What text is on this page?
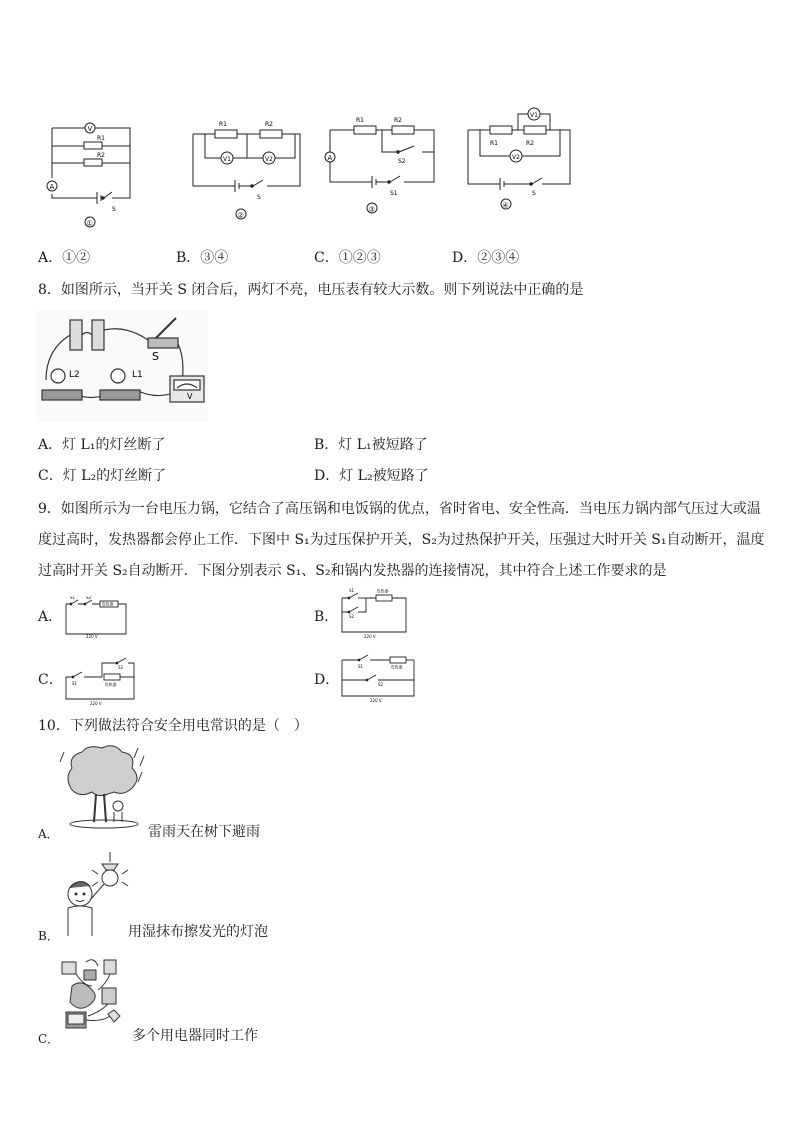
V
R1
R2
A
S
①
R1	R2
V1	V2
S
②
R1	R2
A	S2
S1
③
V1
R1	R2
V2
S
④
A．①②	B．③④	C．①②③	D．②③④
8．如图所示，当开关 S 闭合后，两灯不亮，电压表有较大示数。则下列说法中正确的是
S
L2	L1
V
A．灯 L₁的灯丝断了	B．灯 L₁被短路了
C．灯 L₂的灯丝断了	D．灯 L₂被短路了
9．如图所示为一台电压力锅，它结合了高压锅和电饭锅的优点，省时省电、安全性高．当电压力锅内部气压过大或温
度过高时，发热器都会停止工作．下图中 S₁为过压保护开关，S₂为过热保护开关，压强过大时开关 S₁自动断开，温度
过高时开关 S₂自动断开．下图分别表示 S₁、S₂和锅内发热器的连接情况，其中符合上述工作要求的是
A．
S1	S2
发热器
220 V
B．
S1
S2
发热器
220 V
C． S1
S2
发热器
220 V
D．
S1
S2
发热器
220 V
10．下列做法符合安全用电常识的是（　）
A．	雷雨天在树下避雨
B．	用湿抹布擦发光的灯泡
C．	多个用电器同时工作
